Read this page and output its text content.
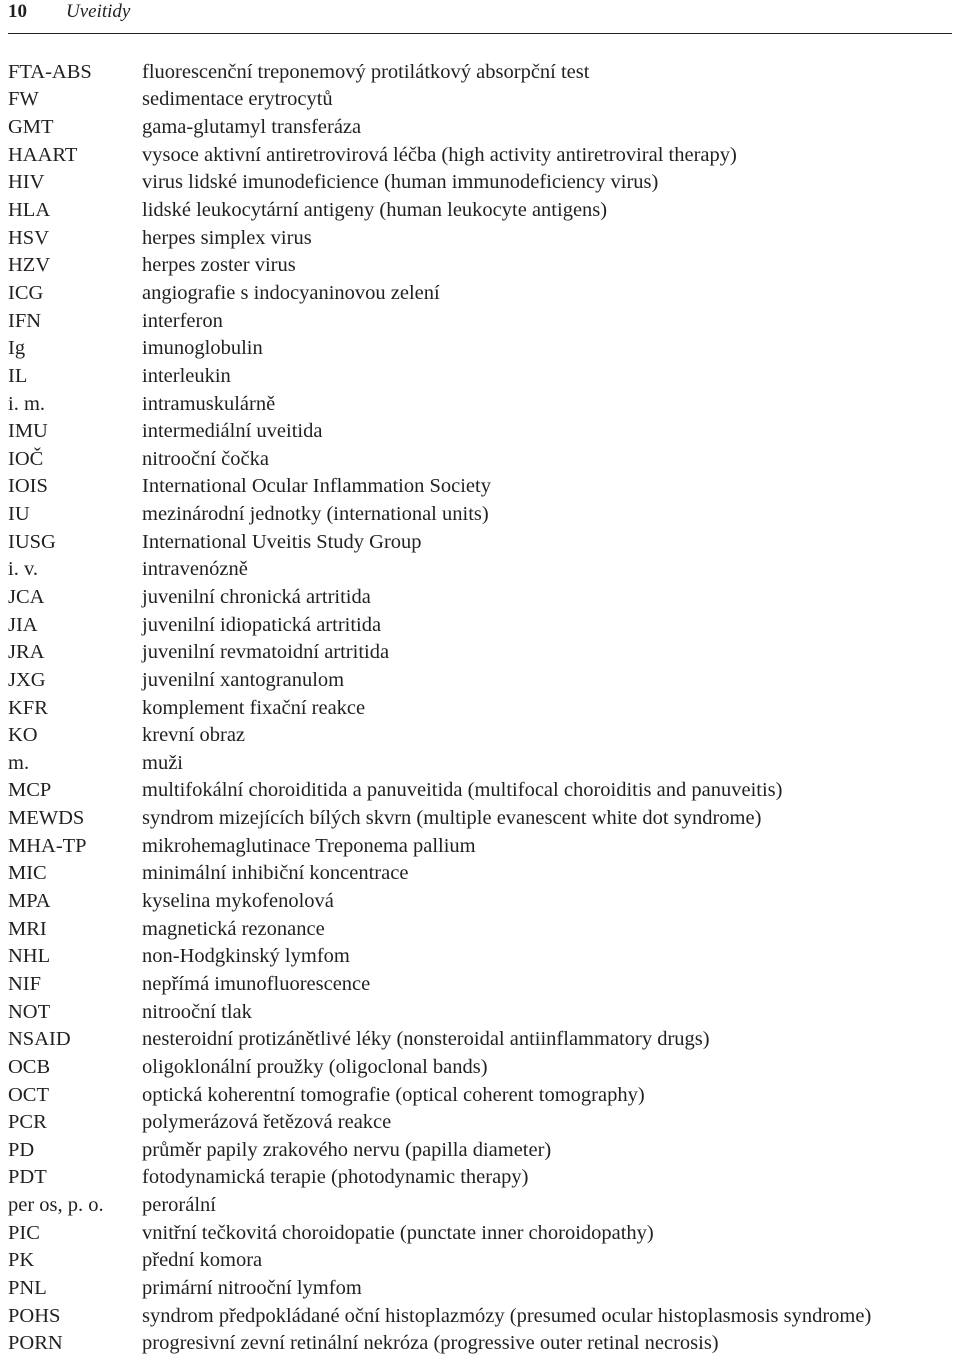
10	Uveitidy
FTA-ABS	fluorescenční treponemový protilátkový absorpční test
FW	sedimentace erytrocytů
GMT	gama-glutamyl transferáza
HAART	vysoce aktivní antiretrovirová léčba (high activity antiretroviral therapy)
HIV	virus lidské imunodeficience (human immunodeficiency virus)
HLA	lidské leukocytární antigeny (human leukocyte antigens)
HSV	herpes simplex virus
HZV	herpes zoster virus
ICG	angiografie s indocyaninovou zelení
IFN	interferon
Ig	imunoglobulin
IL	interleukin
i. m.	intramuskulárně
IMU	intermediální uveitida
IOČ	nitrooční čočka
IOIS	International Ocular Inflammation Society
IU	mezinárodní jednotky (international units)
IUSG	International Uveitis Study Group
i. v.	intravenózně
JCA	juvenilní chronická artritida
JIA	juvenilní idiopatická artritida
JRA	juvenilní revmatoidní artritida
JXG	juvenilní xantogranulom
KFR	komplement fixační reakce
KO	krevní obraz
m.	muži
MCP	multifokální choroiditida a panuveitida (multifocal choroiditis and panuveitis)
MEWDS	syndrom mizejících bílých skvrn (multiple evanescent white dot syndrome)
MHA-TP	mikrohemaglutinace Treponema pallium
MIC	minimální inhibiční koncentrace
MPA	kyselina mykofenolová
MRI	magnetická rezonance
NHL	non-Hodgkinský lymfom
NIF	nepřímá imunofluorescence
NOT	nitrooční tlak
NSAID	nesteroidní protizánětlivé léky (nonsteroidal antiinflammatory drugs)
OCB	oligoklonální proužky (oligoclonal bands)
OCT	optická koherentní tomografie (optical coherent tomography)
PCR	polymerázová řetězová reakce
PD	průměr papily zrakového nervu (papilla diameter)
PDT	fotodynamická terapie (photodynamic therapy)
per os, p. o.	perorální
PIC	vnitřní tečkovitá choroidopatie (punctate inner choroidopathy)
PK	přední komora
PNL	primární nitrooční lymfom
POHS	syndrom předpokládané oční histoplazmózy (presumed ocular histoplasmosis syndrome)
PORN	progresivní zevní retinální nekróza (progressive outer retinal necrosis)
